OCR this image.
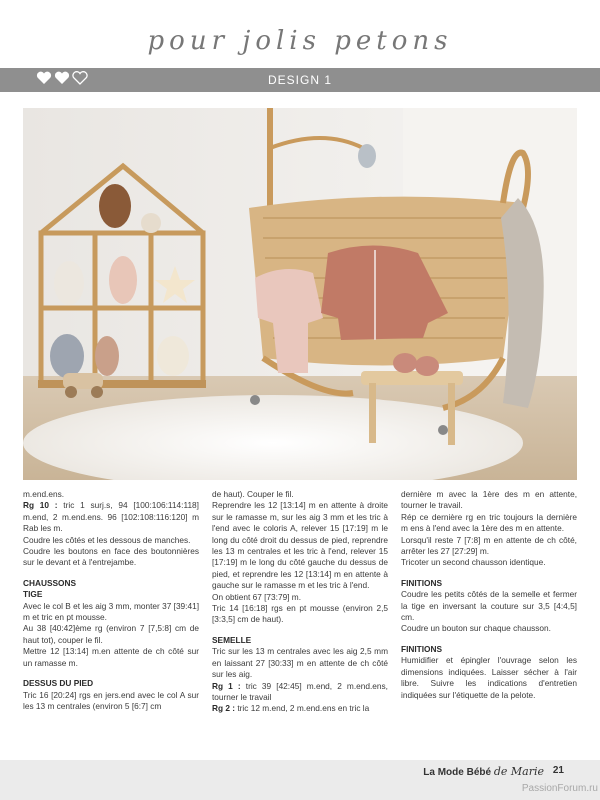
pour jolis petons
DESIGN 1

m.end.ens.

Rg 10 : tric 1 surj.s, 94 [100:106:114:118] m.end, 2 m.end.ens. 96 [102:108:116:120] m Rab les m.

Coudre les côtés et les dessous de manches.

Coudre les boutons en face des boutonnières sur le devant et à l'entrejambe.

CHAUSSONS

TIGE

Avec le col B et les aig 3 mm, monter 37 [39:41] m et tric en pt mousse.

Au 38 [40:42]ème rg (environ 7 [7,5:8] cm de haut tot), couper le fil.

Mettre 12 [13:14] m.en attente de ch côté sur un ramasse m.

DESSUS DU PIED

Tric 16 [20:24] rgs en jers.end avec le col A sur les 13 m centrales (environ 5 [6:7] cm

de haut). Couper le fil.

Reprendre les 12 [13:14] m en attente à droite sur le ramasse m, sur les aig 3 mm et les tric à l'end avec le coloris A, relever 15 [17:19] m le long du côté droit du dessus de pied, reprendre les 13 m centrales et les tric à l'end, relever 15 [17:19] m le long du côté gauche du dessus de pied, et reprendre les 12 [13:14] m en attente à gauche sur le ramasse m et les tric à l'end.

On obtient 67 [73:79] m.

Tric 14 [16:18] rgs en pt mousse (environ 2,5 [3:3,5] cm de haut).

SEMELLE

Tric sur les 13 m centrales avec les aig 2,5 mm en laissant 27 [30:33] m en attente de ch côté sur les aig.

Rg 1 : tric 39 [42:45] m.end, 2 m.end.ens, tourner le travail

Rg 2 : tric 12 m.end, 2 m.end.ens en tric la

dernière m avec la 1ère des m en attente, tourner le travail.

Rép ce dernière rg en tric toujours la dernière m ens à l'end avec la 1ère des m en attente.

Lorsqu'il reste 7 [7:8] m en attente de ch côté, arrêter les 27 [27:29] m.

Tricoter un second chausson identique.

FINITIONS

Coudre les petits côtés de la semelle et fermer la tige en inversant la couture sur 3,5 [4:4,5] cm.

Coudre un bouton sur chaque chausson.

FINITIONS

Humidifier et épingler l'ouvrage selon les dimensions indiquées. Laisser sécher à l'air libre. Suivre les indications d'entretien indiquées sur l'étiquette de la pelote.

La Mode Bébé de Marie 21
PassionForum.ru
